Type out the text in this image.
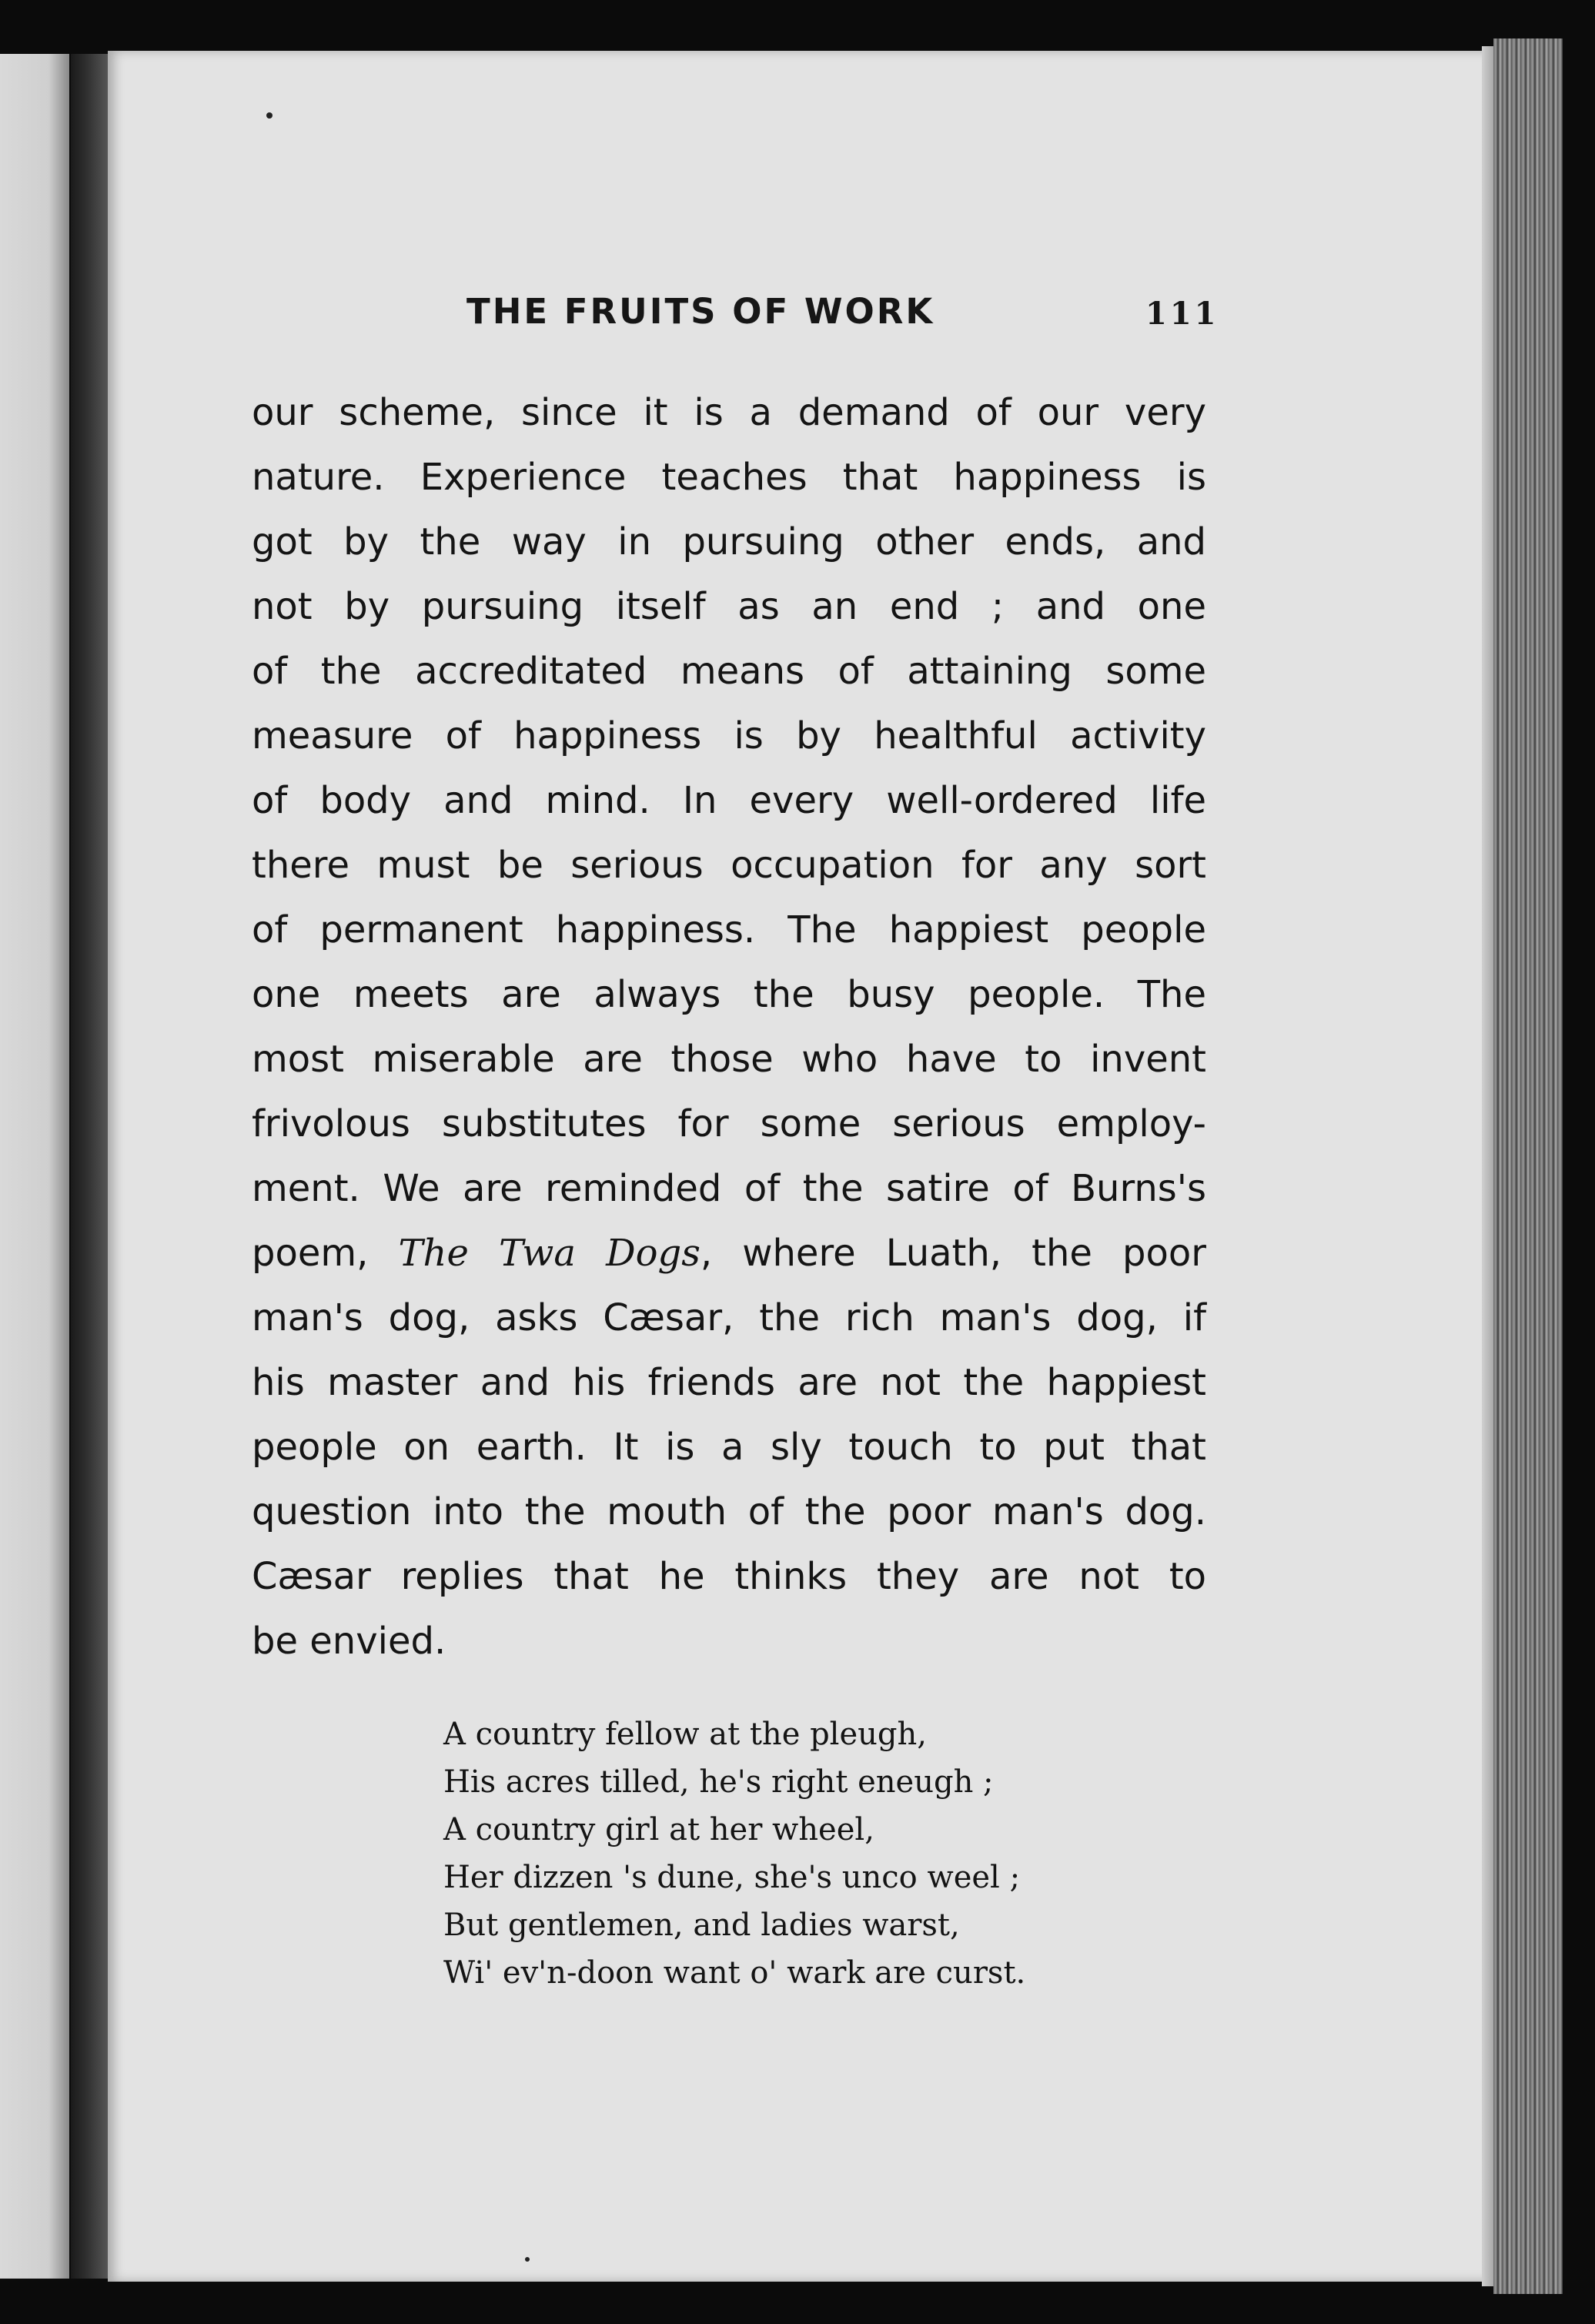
THE FRUITS OF WORK	111
our scheme, since it is a demand of our very
nature. Experience teaches that happiness is
got by the way in pursuing other ends, and
not by pursuing itself as an end ; and one
of the accreditated means of attaining some
measure of happiness is by healthful activity
of body and mind. In every well-ordered life
there must be serious occupation for any sort
of permanent happiness. The happiest people
one meets are always the busy people. The
most miserable are those who have to invent
frivolous substitutes for some serious employ-
ment. We are reminded of the satire of Burns's
poem, The Twa Dogs, where Luath, the poor
man's dog, asks Cæsar, the rich man's dog, if
his master and his friends are not the happiest
people on earth. It is a sly touch to put that
question into the mouth of the poor man's dog.
Cæsar replies that he thinks they are not to
be envied.
A country fellow at the pleugh,
His acres tilled, he's right eneugh ;
A country girl at her wheel,
Her dizzen 's dune, she's unco weel ;
But gentlemen, and ladies warst,
Wi' ev'n-doon want o' wark are curst.
